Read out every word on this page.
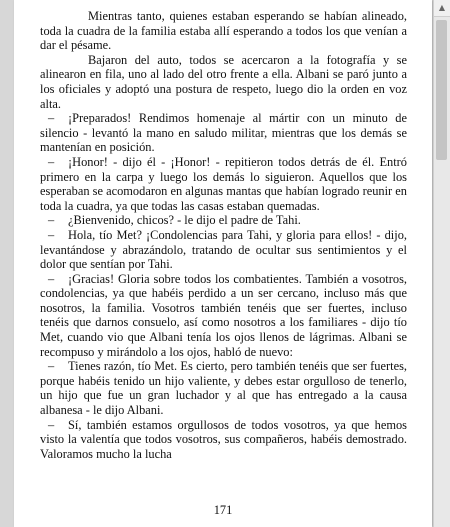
Mientras tanto, quienes estaban esperando se habían alineado, toda la cuadra de la familia estaba allí esperando a todos los que venían a dar el pésame.

Bajaron del auto, todos se acercaron a la fotografía y se alinearon en fila, uno al lado del otro frente a ella. Albani se paró junto a los oficiales y adoptó una postura de respeto, luego dio la orden en voz alta.

– ¡Preparados! Rendimos homenaje al mártir con un minuto de silencio - levantó la mano en saludo militar, mientras que los demás se mantenían en posición.

– ¡Honor! - dijo él - ¡Honor! - repitieron todos detrás de él. Entró primero en la carpa y luego los demás lo siguieron. Aquellos que los esperaban se acomodaron en algunas mantas que habían logrado reunir en toda la cuadra, ya que todas las casas estaban quemadas.

– ¿Bienvenido, chicos? - le dijo el padre de Tahi.

– Hola, tío Met? ¡Condolencias para Tahi, y gloria para ellos! - dijo, levantándose y abrazándolo, tratando de ocultar sus sentimientos y el dolor que sentían por Tahi.

– ¡Gracias! Gloria sobre todos los combatientes. También a vosotros, condolencias, ya que habéis perdido a un ser cercano, incluso más que nosotros, la familia. Vosotros también tenéis que ser fuertes, incluso tenéis que darnos consuelo, así como nosotros a los familiares - dijo tío Met, cuando vio que Albani tenía los ojos llenos de lágrimas. Albani se recompuso y mirándolo a los ojos, habló de nuevo:

– Tienes razón, tío Met. Es cierto, pero también tenéis que ser fuertes, porque habéis tenido un hijo valiente, y debes estar orgulloso de tenerlo, un hijo que fue un gran luchador y al que has entregado a la causa albanesa - le dijo Albani.

– Sí, también estamos orgullosos de todos vosotros, ya que hemos visto la valentía que todos vosotros, sus compañeros, habéis demostrado. Valoramos mucho la lucha

171
▲
